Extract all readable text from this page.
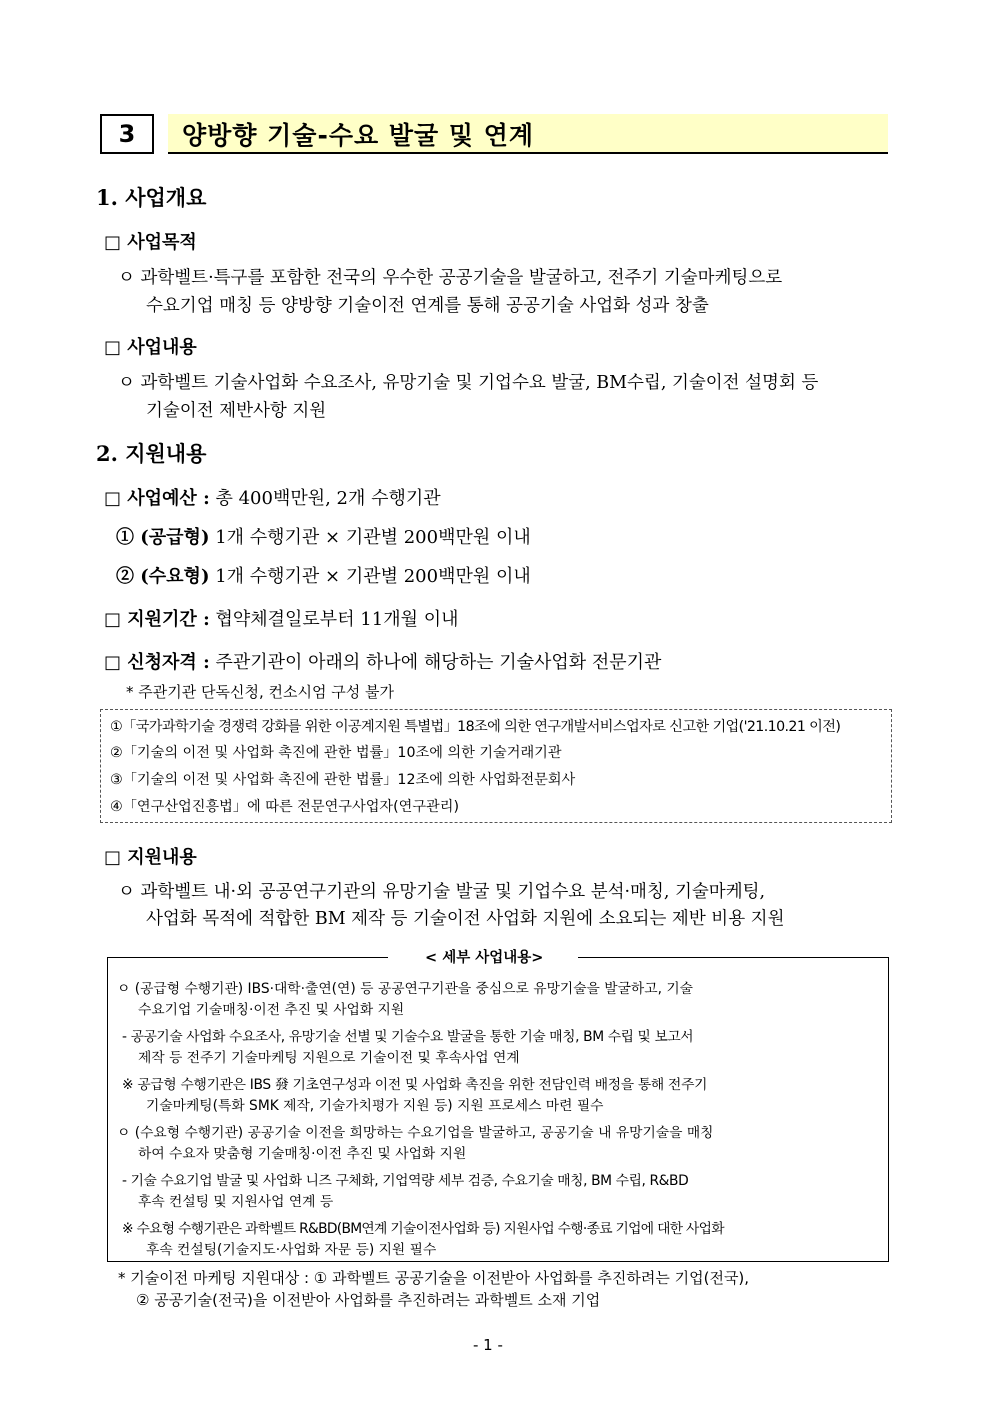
3 양방향 기술-수요 발굴 및 연계
1. 사업개요
□ 사업목적
ㅇ 과학벨트·특구를 포함한 전국의 우수한 공공기술을 발굴하고, 전주기 기술마케팅으로
수요기업 매칭 등 양방향 기술이전 연계를 통해 공공기술 사업화 성과 창출
□ 사업내용
ㅇ 과학벨트 기술사업화 수요조사, 유망기술 및 기업수요 발굴, BM수립, 기술이전 설명회 등
기술이전 제반사항 지원
2. 지원내용
□ 사업예산 : 총 400백만원, 2개 수행기관
① (공급형) 1개 수행기관 × 기관별 200백만원 이내
② (수요형) 1개 수행기관 × 기관별 200백만원 이내
□ 지원기간 : 협약체결일로부터 11개월 이내
□ 신청자격 : 주관기관이 아래의 하나에 해당하는 기술사업화 전문기관
* 주관기관 단독신청, 컨소시엄 구성 불가
①「국가과학기술 경쟁력 강화를 위한 이공계지원 특별법」18조에 의한 연구개발서비스업자로 신고한 기업('21.10.21 이전)
②「기술의 이전 및 사업화 촉진에 관한 법률」10조에 의한 기술거래기관
③「기술의 이전 및 사업화 촉진에 관한 법률」12조에 의한 사업화전문회사
④「연구산업진흥법」에 따른 전문연구사업자(연구관리)
□ 지원내용
ㅇ 과학벨트 내·외 공공연구기관의 유망기술 발굴 및 기업수요 분석·매칭, 기술마케팅,
사업화 목적에 적합한 BM 제작 등 기술이전 사업화 지원에 소요되는 제반 비용 지원
< 세부 사업내용>
ㅇ (공급형 수행기관) IBS·대학·출연(연) 등 공공연구기관을 중심으로 유망기술을 발굴하고, 기술
수요기업 기술매칭·이전 추진 및 사업화 지원
- 공공기술 사업화 수요조사, 유망기술 선별 및 기술수요 발굴을 통한 기술 매칭, BM 수립 및 보고서
제작 등 전주기 기술마케팅 지원으로 기술이전 및 후속사업 연계
※ 공급형 수행기관은 IBS 發 기초연구성과 이전 및 사업화 촉진을 위한 전담인력 배정을 통해 전주기
기술마케팅(특화 SMK 제작, 기술가치평가 지원 등) 지원 프로세스 마련 필수
ㅇ (수요형 수행기관) 공공기술 이전을 희망하는 수요기업을 발굴하고, 공공기술 내 유망기술을 매칭
하여 수요자 맞춤형 기술매칭·이전 추진 및 사업화 지원
- 기술 수요기업 발굴 및 사업화 니즈 구체화, 기업역량 세부 검증, 수요기술 매칭, BM 수립, R&BD
후속 컨설팅 및 지원사업 연계 등
※ 수요형 수행기관은 과학벨트 R&BD(BM연계 기술이전사업화 등) 지원사업 수행·종료 기업에 대한 사업화
후속 컨설팅(기술지도·사업화 자문 등) 지원 필수
* 기술이전 마케팅 지원대상 : ① 과학벨트 공공기술을 이전받아 사업화를 추진하려는 기업(전국),
② 공공기술(전국)을 이전받아 사업화를 추진하려는 과학벨트 소재 기업
- 1 -
